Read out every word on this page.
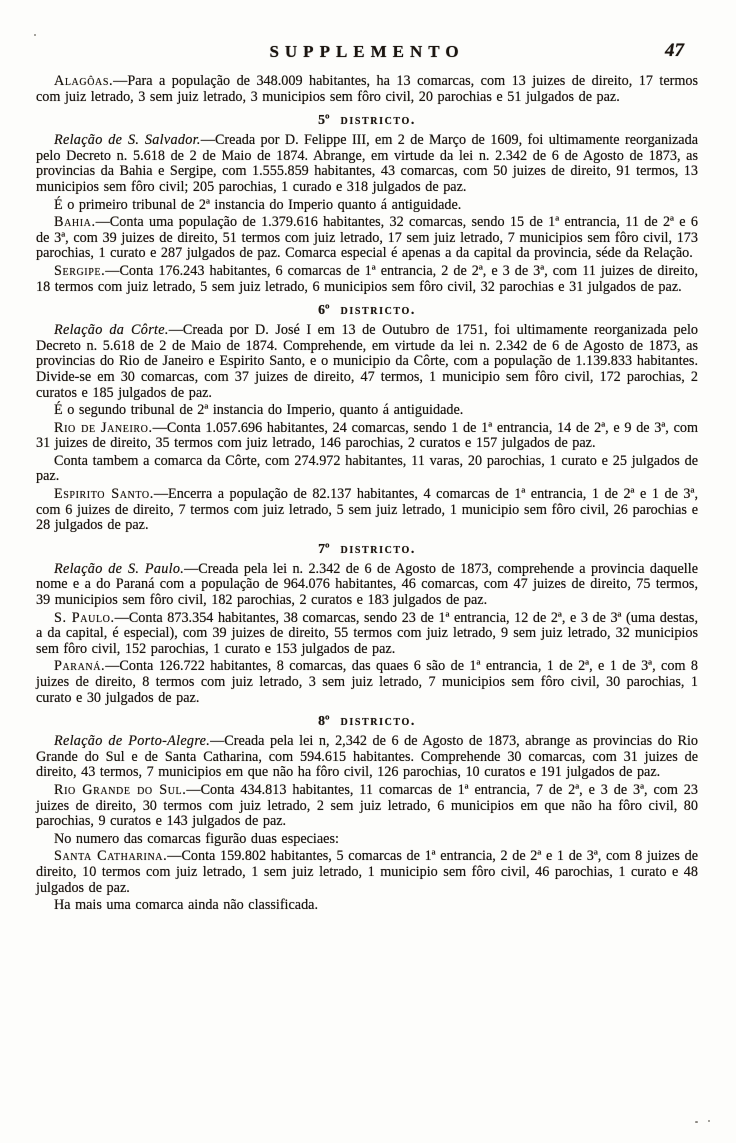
SUPPLEMENTO	47

Alagôas.—Para a população de 348.009 habitantes, ha 13 comarcas, com 13 juizes de direito, 17 termos com juiz letrado, 3 sem juiz letrado, 3 municipios sem fôro civil, 20 parochias e 51 julgados de paz.

5º districto.

Relação de S. Salvador.—Creada por D. Felippe III, em 2 de Março de 1609, foi ultimamente reorganizada pelo Decreto n. 5.618 de 2 de Maio de 1874. Abrange, em virtude da lei n. 2.342 de 6 de Agosto de 1873, as provincias da Bahia e Sergipe, com 1.555.859 habitantes, 43 comarcas, com 50 juizes de direito, 91 termos, 13 municipios sem fôro civil; 205 parochias, 1 curado e 318 julgados de paz.

É o primeiro tribunal de 2ª instancia do Imperio quanto á antiguidade.

Bahia.—Conta uma população de 1.379.616 habitantes, 32 comarcas, sendo 15 de 1ª entrancia, 11 de 2ª e 6 de 3ª, com 39 juizes de direito, 51 termos com juiz letrado, 17 sem juiz letrado, 7 municipios sem fôro civil, 173 parochias, 1 curato e 287 julgados de paz. Comarca especial é apenas a da capital da provincia, séde da Relação.

Sergipe.—Conta 176.243 habitantes, 6 comarcas de 1ª entrancia, 2 de 2ª, e 3 de 3ª, com 11 juizes de direito, 18 termos com juiz letrado, 5 sem juiz letrado, 6 municipios sem fôro civil, 32 parochias e 31 julgados de paz.

6º districto.

Relação da Côrte.—Creada por D. José I em 13 de Outubro de 1751, foi ultimamente reorganizada pelo Decreto n. 5.618 de 2 de Maio de 1874. Comprehende, em virtude da lei n. 2.342 de 6 de Agosto de 1873, as provincias do Rio de Janeiro e Espirito Santo, e o municipio da Côrte, com a população de 1.139.833 habitantes. Divide-se em 30 comarcas, com 37 juizes de direito, 47 termos, 1 municipio sem fôro civil, 172 parochias, 2 curatos e 185 julgados de paz.

É o segundo tribunal de 2ª instancia do Imperio, quanto á antiguidade.

Rio de Janeiro.—Conta 1.057.696 habitantes, 24 comarcas, sendo 1 de 1ª entrancia, 14 de 2ª, e 9 de 3ª, com 31 juizes de direito, 35 termos com juiz letrado, 146 parochias, 2 curatos e 157 julgados de paz.

Conta tambem a comarca da Côrte, com 274.972 habitantes, 11 varas, 20 parochias, 1 curato e 25 julgados de paz.

Espirito Santo.—Encerra a população de 82.137 habitantes, 4 comarcas de 1ª entrancia, 1 de 2ª e 1 de 3ª, com 6 juizes de direito, 7 termos com juiz letrado, 5 sem juiz letrado, 1 municipio sem fôro civil, 26 parochias e 28 julgados de paz.

7º districto.

Relação de S. Paulo.—Creada pela lei n. 2.342 de 6 de Agosto de 1873, comprehende a provincia daquelle nome e a do Paraná com a população de 964.076 habitantes, 46 comarcas, com 47 juizes de direito, 75 termos, 39 municipios sem fôro civil, 182 parochias, 2 curatos e 183 julgados de paz.

S. Paulo.—Conta 873.354 habitantes, 38 comarcas, sendo 23 de 1ª entrancia, 12 de 2ª, e 3 de 3ª (uma destas, a da capital, é especial), com 39 juizes de direito, 55 termos com juiz letrado, 9 sem juiz letrado, 32 municipios sem fôro civil, 152 parochias, 1 curato e 153 julgados de paz.

Paraná.—Conta 126.722 habitantes, 8 comarcas, das quaes 6 são de 1ª entrancia, 1 de 2ª, e 1 de 3ª, com 8 juizes de direito, 8 termos com juiz letrado, 3 sem juiz letrado, 7 municipios sem fôro civil, 30 parochias, 1 curato e 30 julgados de paz.

8º districto.

Relação de Porto-Alegre.—Creada pela lei n, 2,342 de 6 de Agosto de 1873, abrange as provincias do Rio Grande do Sul e de Santa Catharina, com 594.615 habitantes. Comprehende 30 comarcas, com 31 juizes de direito, 43 termos, 7 municipios em que não ha fôro civil, 126 parochias, 10 curatos e 191 julgados de paz.

Rio Grande do Sul.—Conta 434.813 habitantes, 11 comarcas de 1ª entrancia, 7 de 2ª, e 3 de 3ª, com 23 juizes de direito, 30 termos com juiz letrado, 2 sem juiz letrado, 6 municipios em que não ha fôro civil, 80 parochias, 9 curatos e 143 julgados de paz.

No numero das comarcas figurão duas especiaes:

Santa Catharina.—Conta 159.802 habitantes, 5 comarcas de 1ª entrancia, 2 de 2ª e 1 de 3ª, com 8 juizes de direito, 10 termos com juiz letrado, 1 sem juiz letrado, 1 municipio sem fôro civil, 46 parochias, 1 curato e 48 julgados de paz.

Ha mais uma comarca ainda não classificada.
